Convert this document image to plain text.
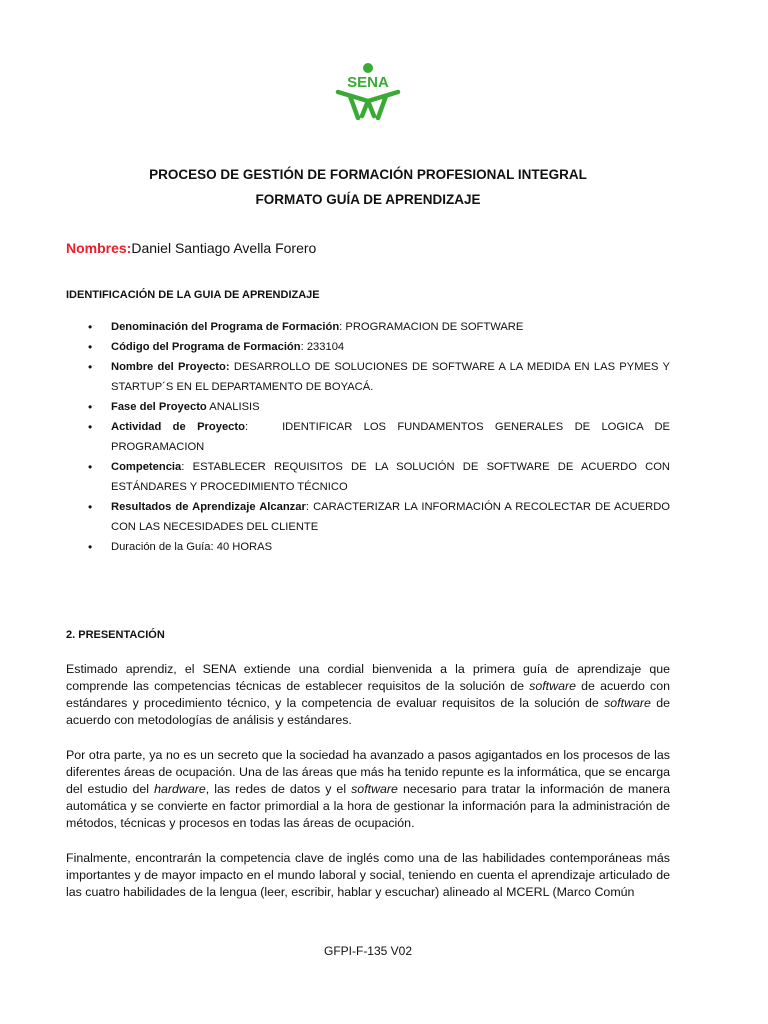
SENA
PROCESO DE GESTIÓN DE FORMACIÓN PROFESIONAL INTEGRAL
FORMATO GUÍA DE APRENDIZAJE
Nombres:Daniel Santiago Avella Forero
IDENTIFICACIÓN DE LA GUIA DE APRENDIZAJE
• Denominación del Programa de Formación: PROGRAMACION DE SOFTWARE
• Código del Programa de Formación: 233104
• Nombre del Proyecto: DESARROLLO DE SOLUCIONES DE SOFTWARE A LA MEDIDA EN LAS PYMES Y STARTUP´S EN EL DEPARTAMENTO DE BOYACÁ.
• Fase del Proyecto ANALISIS
• Actividad de Proyecto:   IDENTIFICAR LOS FUNDAMENTOS GENERALES DE LOGICA DE PROGRAMACION
• Competencia: ESTABLECER REQUISITOS DE LA SOLUCIÓN DE SOFTWARE DE ACUERDO CON ESTÁNDARES Y PROCEDIMIENTO TÉCNICO
• Resultados de Aprendizaje Alcanzar: CARACTERIZAR LA INFORMACIÓN A RECOLECTAR DE ACUERDO CON LAS NECESIDADES DEL CLIENTE
• Duración de la Guía: 40 HORAS
2. PRESENTACIÓN

Estimado aprendiz, el SENA extiende una cordial bienvenida a la primera guía de aprendizaje que comprende las competencias técnicas de establecer requisitos de la solución de software de acuerdo con estándares y procedimiento técnico, y la competencia de evaluar requisitos de la solución de software de acuerdo con metodologías de análisis y estándares.

Por otra parte, ya no es un secreto que la sociedad ha avanzado a pasos agigantados en los procesos de las diferentes áreas de ocupación. Una de las áreas que más ha tenido repunte es la informática, que se encarga del estudio del hardware, las redes de datos y el software necesario para tratar la información de manera automática y se convierte en factor primordial a la hora de gestionar la información para la administración de métodos, técnicas y procesos en todas las áreas de ocupación.

Finalmente, encontrarán la competencia clave de inglés como una de las habilidades contemporáneas más importantes y de mayor impacto en el mundo laboral y social, teniendo en cuenta el aprendizaje articulado de las cuatro habilidades de la lengua (leer, escribir, hablar y escuchar) alineado al MCERL (Marco Común

GFPI-F-135 V02
